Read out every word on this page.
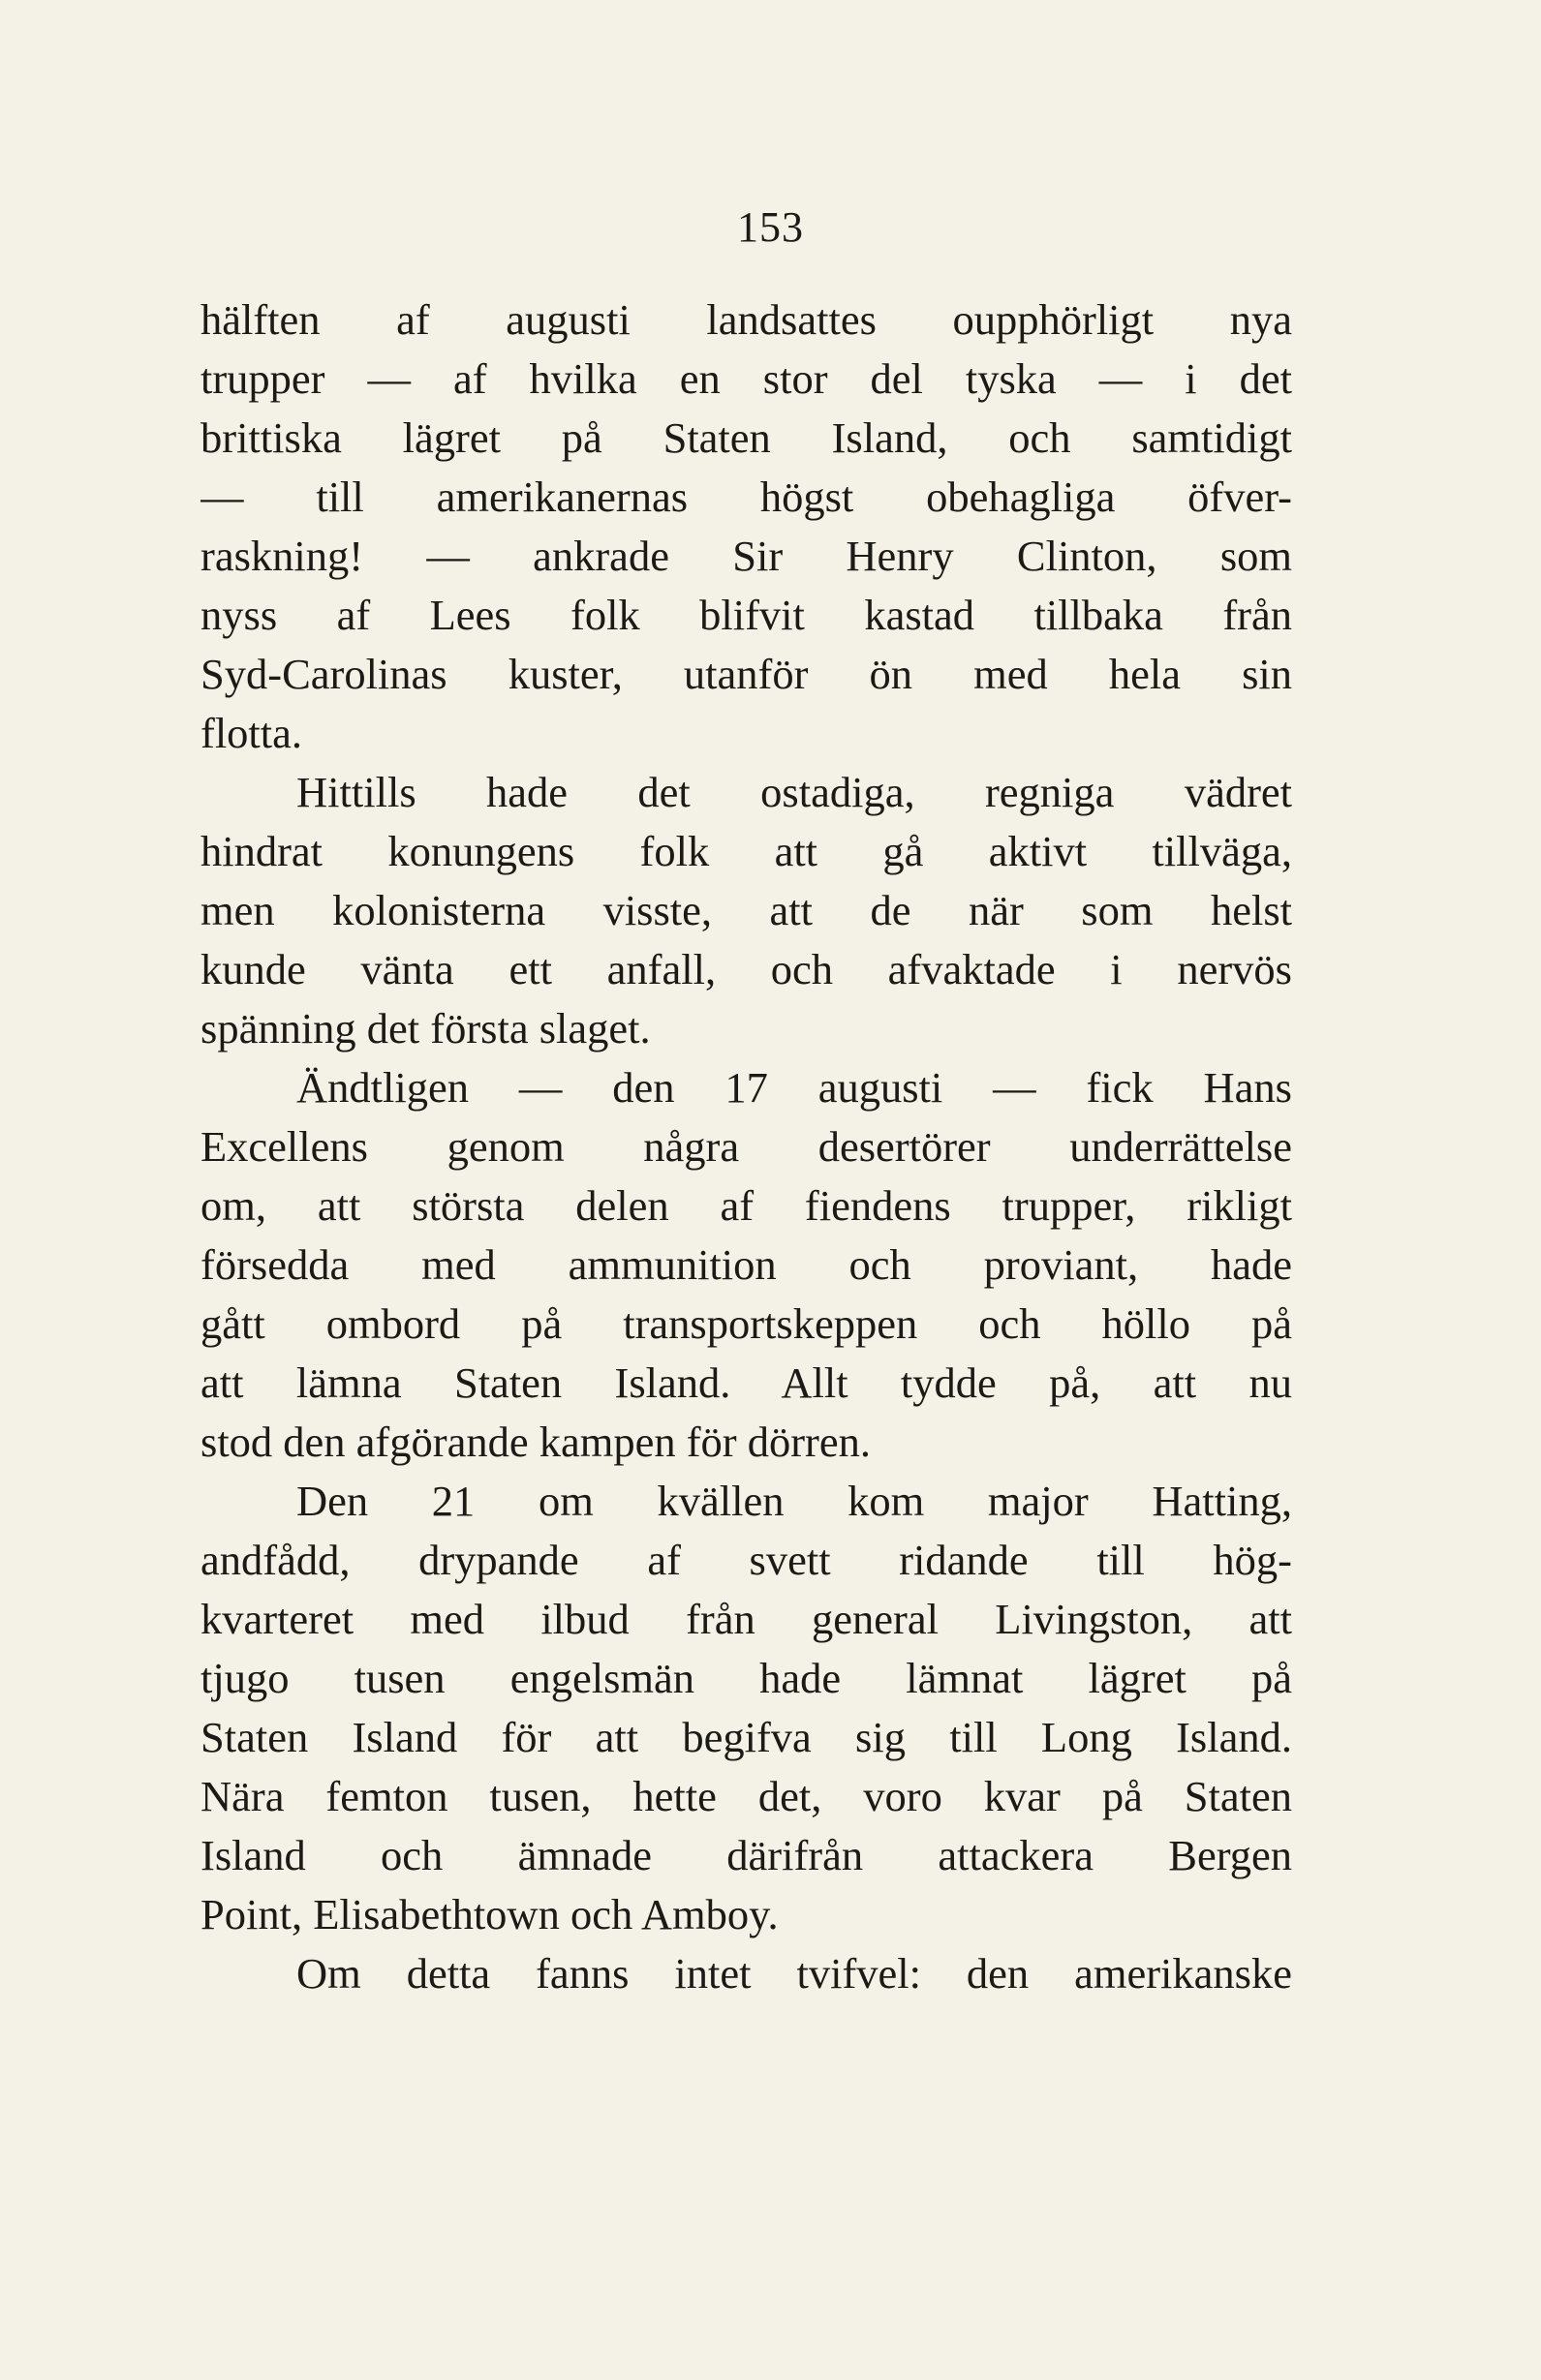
153
hälften af augusti landsattes oupphörligt nya
trupper — af hvilka en stor del tyska — i det
brittiska lägret på Staten Island, och samtidigt
— till amerikanernas högst obehagliga öfver-
raskning! — ankrade Sir Henry Clinton, som
nyss af Lees folk blifvit kastad tillbaka från
Syd-Carolinas kuster, utanför ön med hela sin
flotta.
Hittills hade det ostadiga, regniga vädret
hindrat konungens folk att gå aktivt tillväga,
men kolonisterna visste, att de när som helst
kunde vänta ett anfall, och afvaktade i nervös
spänning det första slaget.
Ändtligen — den 17 augusti — fick Hans
Excellens genom några desertörer underrättelse
om, att största delen af fiendens trupper, rikligt
försedda med ammunition och proviant, hade
gått ombord på transportskeppen och höllo på
att lämna Staten Island. Allt tydde på, att nu
stod den afgörande kampen för dörren.
Den 21 om kvällen kom major Hatting,
andfådd, drypande af svett ridande till hög-
kvarteret med ilbud från general Livingston, att
tjugo tusen engelsmän hade lämnat lägret på
Staten Island för att begifva sig till Long Island.
Nära femton tusen, hette det, voro kvar på Staten
Island och ämnade därifrån attackera Bergen
Point, Elisabethtown och Amboy.
Om detta fanns intet tvifvel: den amerikanske
